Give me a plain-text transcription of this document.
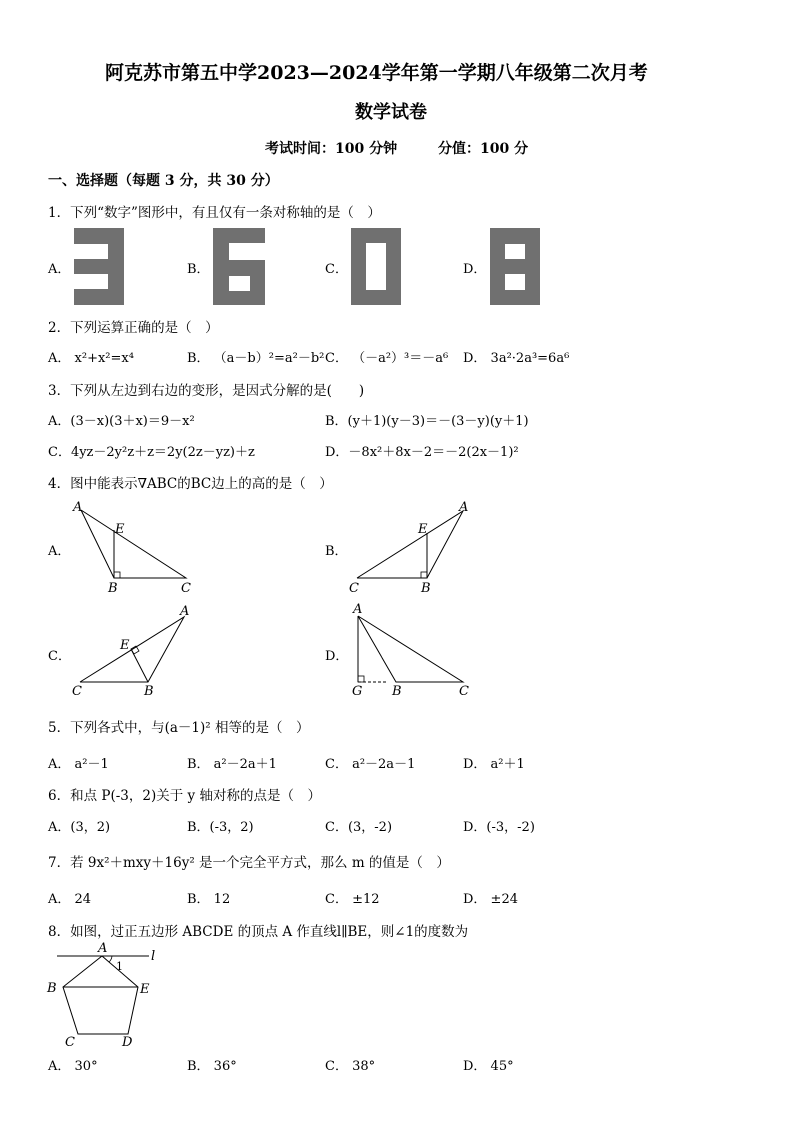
阿克苏市第五中学2023—2024学年第一学期八年级第二次月考
数学试卷
考试时间：100 分钟	分值：100 分
一、选择题（每题 3 分，共 30 分）
1．下列“数字”图形中，有且仅有一条对称轴的是（　）
A．	B．	C．	D．
2．下列运算正确的是（　）
A． x²+x²=x⁴	B． （a－b）²=a²－b² C． （－a²）³＝－a⁶ D． 3a²·2a³=6a⁶
3．下列从左边到右边的变形，是因式分解的是(　　)
A．(3－x)(3＋x)＝9－x²	B．(y＋1)(y－3)＝－(3－y)(y＋1)
C．4yz－2y²z＋z＝2y(2z－yz)＋z	D．－8x²＋8x－2＝－2(2x－1)²
4．图中能表示∇ABC的BC边上的高的是（　）
A．	B．
C．	D．
A
E
B	C
A
E
C	B
A
E
C	B
A
G B	C
5．下列各式中，与(a－1)² 相等的是（　）
A． a²－1	B． a²－2a＋1	C． a²－2a－1	D． a²＋1
6．和点 P(-3，2)关于 y 轴对称的点是（　）
A．(3，2)	B．(-3，2)	C．(3，-2)	D．(-3，-2)
7．若 9x²＋mxy＋16y² 是一个完全平方式，那么 m 的值是（　）
A． 24	B． 12	C． ±12	D． ±24
8．如图，过正五边形 ABCDE 的顶点 A 作直线l∥BE，则∠1的度数为
A
l
1
B	E
C	D
A． 30°	B． 36°	C． 38°	D． 45°
